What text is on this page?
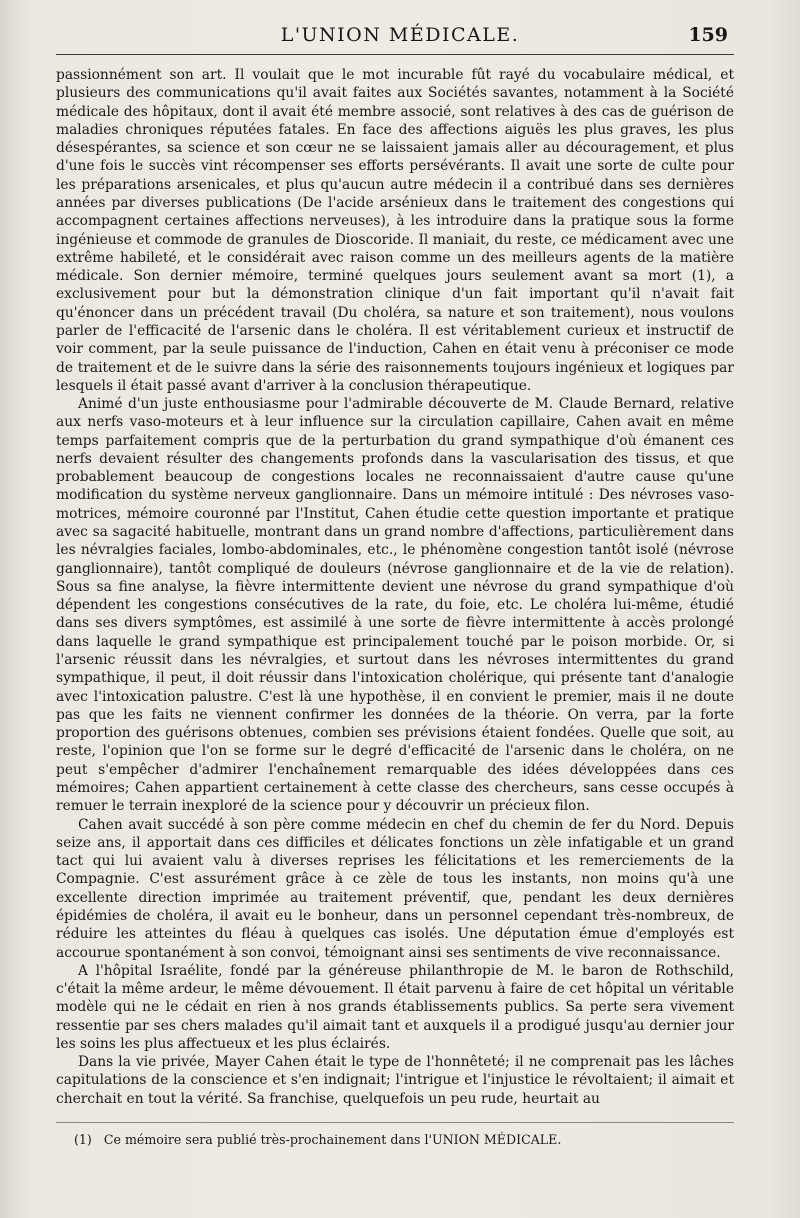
L'UNION MÉDICALE.	159

passionnément son art. Il voulait que le mot incurable fût rayé du vocabulaire médical, et plusieurs des communications qu'il avait faites aux Sociétés savantes, notamment à la Société médicale des hôpitaux, dont il avait été membre associé, sont relatives à des cas de guérison de maladies chroniques réputées fatales. En face des affections aiguës les plus graves, les plus désespérantes, sa science et son cœur ne se laissaient jamais aller au découragement, et plus d'une fois le succès vint récompenser ses efforts persévérants. Il avait une sorte de culte pour les préparations arsenicales, et plus qu'aucun autre médecin il a contribué dans ses dernières années par diverses publications (De l'acide arsénieux dans le traitement des congestions qui accompagnent certaines affections nerveuses), à les introduire dans la pratique sous la forme ingénieuse et commode de granules de Dioscoride. Il maniait, du reste, ce médicament avec une extrême habileté, et le considérait avec raison comme un des meilleurs agents de la matière médicale. Son dernier mémoire, terminé quelques jours seulement avant sa mort (1), a exclusivement pour but la démonstration clinique d'un fait important qu'il n'avait fait qu'énoncer dans un précédent travail (Du choléra, sa nature et son traitement), nous voulons parler de l'efficacité de l'arsenic dans le choléra. Il est véritablement curieux et instructif de voir comment, par la seule puissance de l'induction, Cahen en était venu à préconiser ce mode de traitement et de le suivre dans la série des raisonnements toujours ingénieux et logiques par lesquels il était passé avant d'arriver à la conclusion thérapeutique.

Animé d'un juste enthousiasme pour l'admirable découverte de M. Claude Bernard, relative aux nerfs vaso-moteurs et à leur influence sur la circulation capillaire, Cahen avait en même temps parfaitement compris que de la perturbation du grand sympathique d'où émanent ces nerfs devaient résulter des changements profonds dans la vascularisation des tissus, et que probablement beaucoup de congestions locales ne reconnaissaient d'autre cause qu'une modification du système nerveux ganglionnaire. Dans un mémoire intitulé : Des névroses vaso-motrices, mémoire couronné par l'Institut, Cahen étudie cette question importante et pratique avec sa sagacité habituelle, montrant dans un grand nombre d'affections, particulièrement dans les névralgies faciales, lombo-abdominales, etc., le phénomène congestion tantôt isolé (névrose ganglionnaire), tantôt compliqué de douleurs (névrose ganglionnaire et de la vie de relation). Sous sa fine analyse, la fièvre intermittente devient une névrose du grand sympathique d'où dépendent les congestions consécutives de la rate, du foie, etc. Le choléra lui-même, étudié dans ses divers symptômes, est assimilé à une sorte de fièvre intermittente à accès prolongé dans laquelle le grand sympathique est principalement touché par le poison morbide. Or, si l'arsenic réussit dans les névralgies, et surtout dans les névroses intermittentes du grand sympathique, il peut, il doit réussir dans l'intoxication cholérique, qui présente tant d'analogie avec l'intoxication palustre. C'est là une hypothèse, il en convient le premier, mais il ne doute pas que les faits ne viennent confirmer les données de la théorie. On verra, par la forte proportion des guérisons obtenues, combien ses prévisions étaient fondées. Quelle que soit, au reste, l'opinion que l'on se forme sur le degré d'efficacité de l'arsenic dans le choléra, on ne peut s'empêcher d'admirer l'enchaînement remarquable des idées développées dans ces mémoires; Cahen appartient certainement à cette classe des chercheurs, sans cesse occupés à remuer le terrain inexploré de la science pour y découvrir un précieux filon.

Cahen avait succédé à son père comme médecin en chef du chemin de fer du Nord. Depuis seize ans, il apportait dans ces difficiles et délicates fonctions un zèle infatigable et un grand tact qui lui avaient valu à diverses reprises les félicitations et les remerciements de la Compagnie. C'est assurément grâce à ce zèle de tous les instants, non moins qu'à une excellente direction imprimée au traitement préventif, que, pendant les deux dernières épidémies de choléra, il avait eu le bonheur, dans un personnel cependant très-nombreux, de réduire les atteintes du fléau à quelques cas isolés. Une députation émue d'employés est accourue spontanément à son convoi, témoignant ainsi ses sentiments de vive reconnaissance.

A l'hôpital Israélite, fondé par la généreuse philanthropie de M. le baron de Rothschild, c'était la même ardeur, le même dévouement. Il était parvenu à faire de cet hôpital un véritable modèle qui ne le cédait en rien à nos grands établissements publics. Sa perte sera vivement ressentie par ses chers malades qu'il aimait tant et auxquels il a prodigué jusqu'au dernier jour les soins les plus affectueux et les plus éclairés.

Dans la vie privée, Mayer Cahen était le type de l'honnêteté; il ne comprenait pas les lâches capitulations de la conscience et s'en indignait; l'intrigue et l'injustice le révoltaient; il aimait et cherchait en tout la vérité. Sa franchise, quelquefois un peu rude, heurtait au

(1) Ce mémoire sera publié très-prochainement dans l'UNION MÉDICALE.
